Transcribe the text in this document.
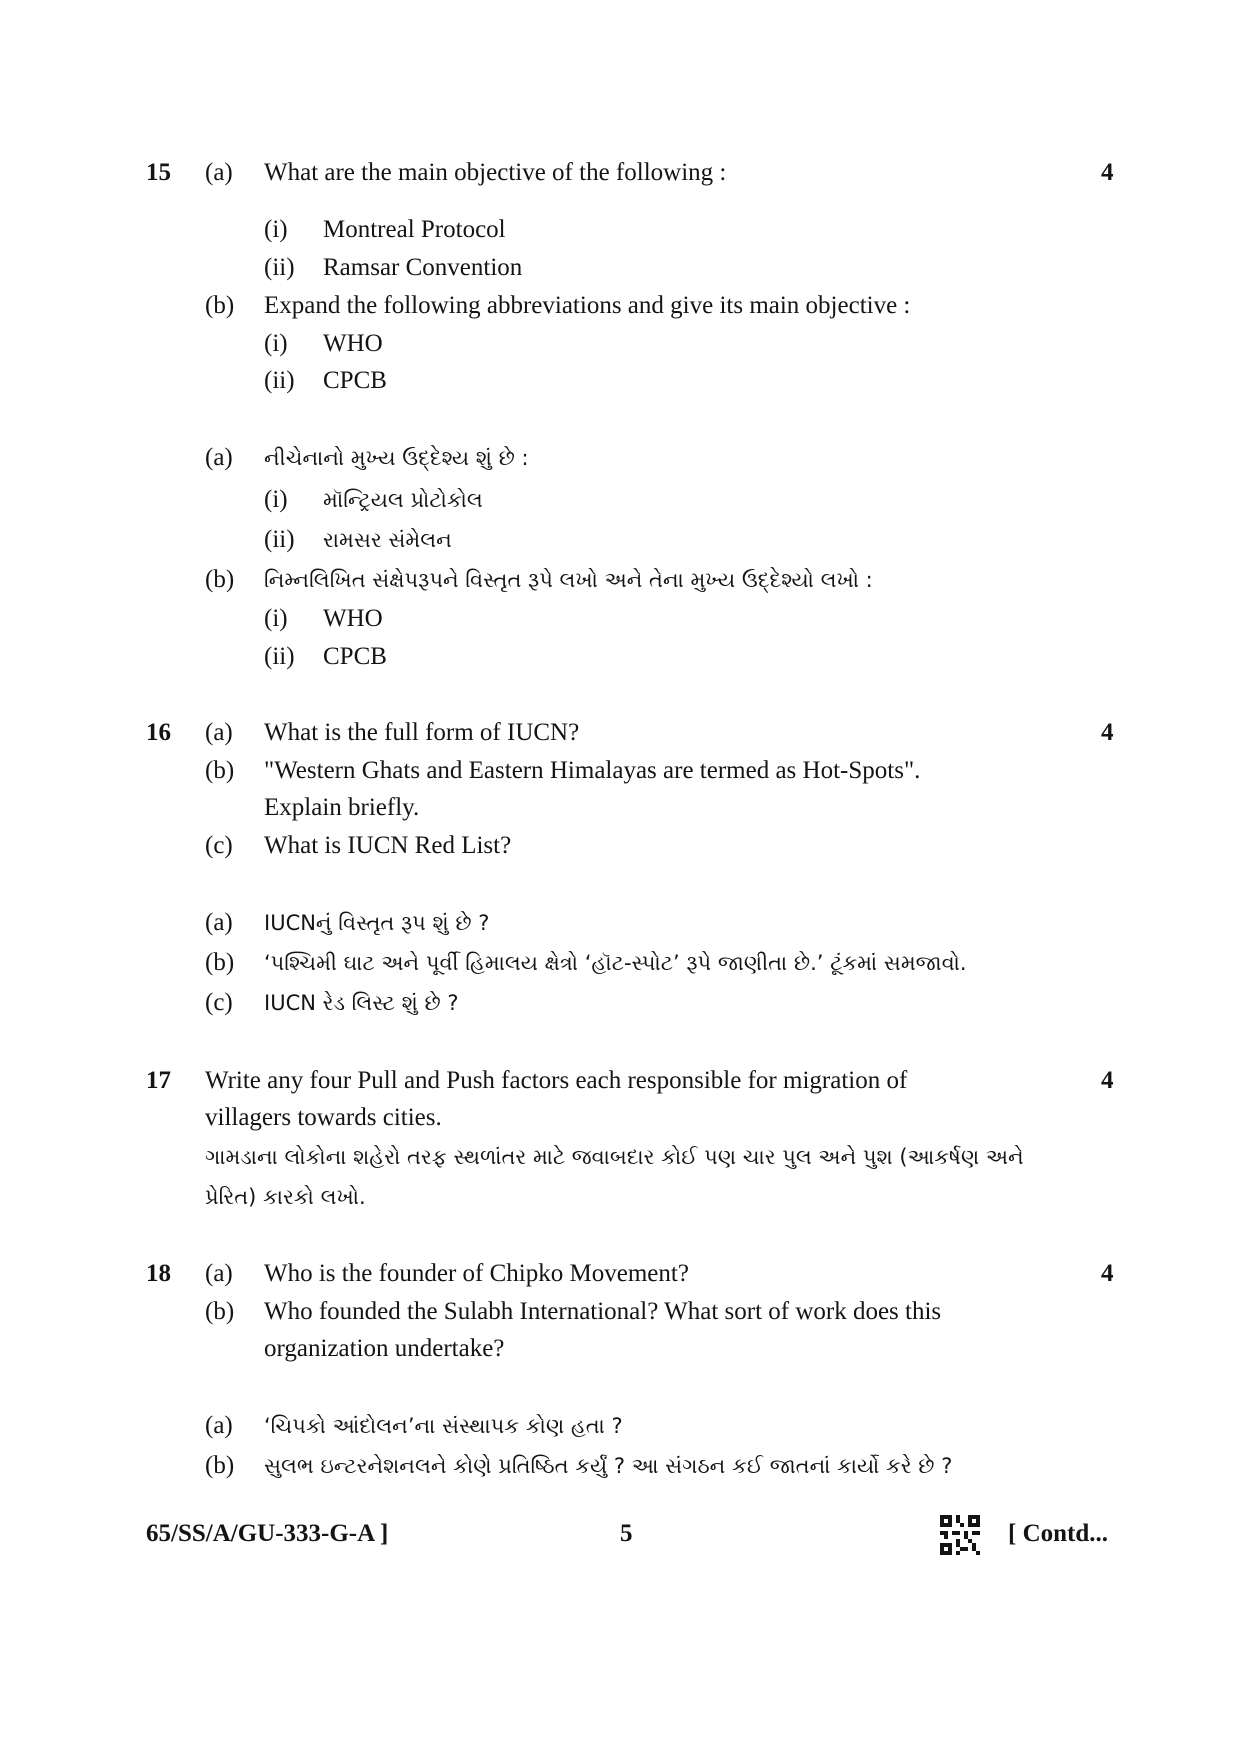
15	4
(a) What are the main objective of the following :
(i) Montreal Protocol
(ii) Ramsar Convention
(b) Expand the following abbreviations and give its main objective :
(i) WHO
(ii) CPCB
(a) નીચેનાનો મુખ્ય ઉદ્દેશ્ય શું છે :
(i) મૉન્ટ્રિયલ પ્રોટોકોલ
(ii) રામસર સંમેલન
(b) નિમ્નલિખિત સંક્ષેપરૂપને વિસ્તૃત રૂપે લખો અને તેના મુખ્ય ઉદ્દેશ્યો લખો :
(i) WHO
(ii) CPCB
16	4
(a) What is the full form of IUCN?
(b) "Western Ghats and Eastern Himalayas are termed as Hot-Spots".
Explain briefly.
(c) What is IUCN Red List?
(a) IUCNનું વિસ્તૃત રૂપ શું છે ?
(b) ‘પશ્ચિમી ઘાટ અને પૂર્વી હિમાલય ક્ષેત્રો ‘હૉટ-સ્પોટ’ રૂપે જાણીતા છે.’ ટૂંકમાં સમજાવો.
(c) IUCN રેડ લિસ્ટ શું છે ?
17	4
Write any four Pull and Push factors each responsible for migration of
villagers towards cities.
ગામડાના લોકોના શહેરો તરફ સ્થળાંતર માટે જવાબદાર કોઈ પણ ચાર પુલ અને પુશ (આકર્ષણ અને
પ્રેરિત) કારકો લખો.
18	4
(a) Who is the founder of Chipko Movement?
(b) Who founded the Sulabh International? What sort of work does this
organization undertake?
(a) ‘ચિપકો આંદોલન’ના સંસ્થાપક કોણ હતા ?
(b) સુલભ ઇન્ટરનેશનલને કોણે પ્રતિષ્ઠિત કર્યું ? આ સંગઠન કઈ જાતનાં કાર્યો કરે છે ?
65/SS/A/GU-333-G-A ]	5	[ Contd...
